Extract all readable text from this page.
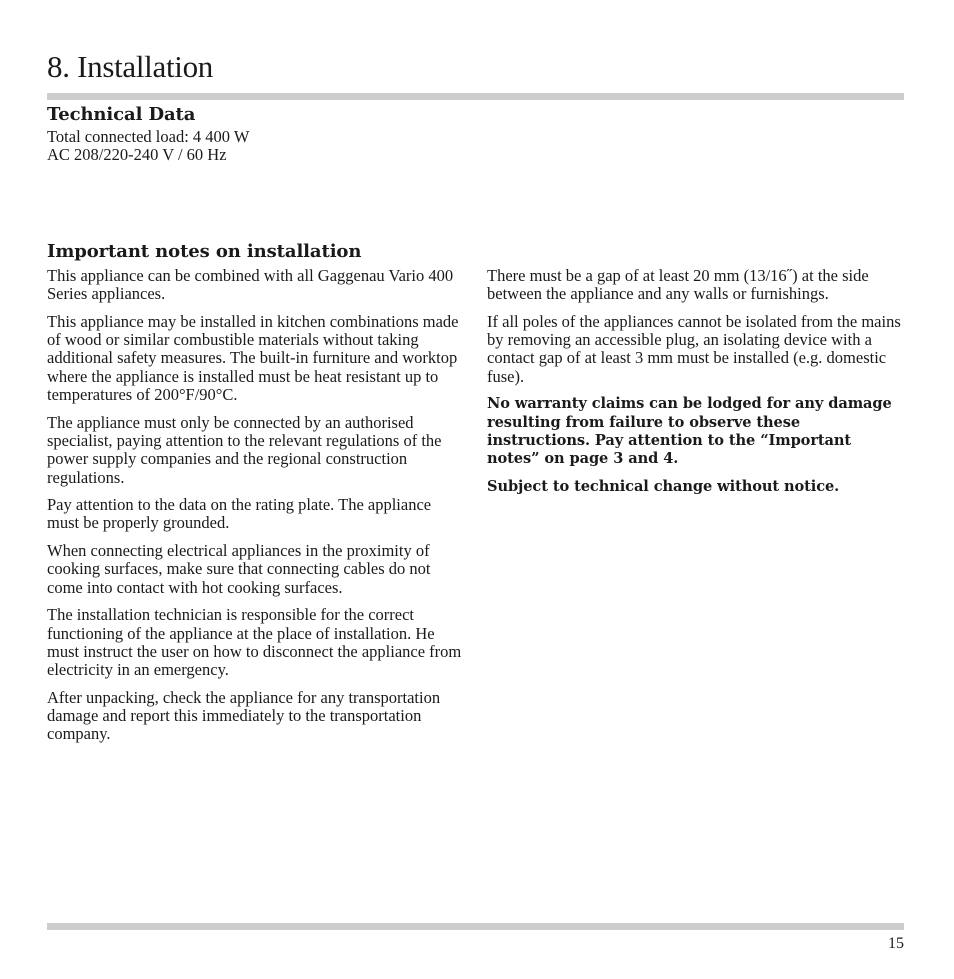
8. Installation
Technical Data
Total connected load: 4 400 W
AC 208/220-240 V / 60 Hz
Important notes on installation

This appliance can be combined with all Gaggenau Vario 400 Series appliances.

This appliance may be installed in kitchen combinations made of wood or similar combustible materials without taking additional safety measures. The built-in furniture and worktop where the appliance is installed must be heat resistant up to temperatures of 200°F/90°C.

The appliance must only be connected by an authorised specialist, paying attention to the relevant regulations of the power supply companies and the regional construction regulations.

Pay attention to the data on the rating plate. The appliance must be properly grounded.

When connecting electrical appliances in the proximity of cooking surfaces, make sure that connecting cables do not come into contact with hot cooking surfaces.

The installation technician is responsible for the correct functioning of the appliance at the place of installation. He must instruct the user on how to disconnect the appliance from electricity in an emergency.

After unpacking, check the appliance for any transportation damage and report this immediately to the transportation company.

There must be a gap of at least 20 mm (13/16˝) at the side between the appliance and any walls or furnishings.

If all poles of the appliances cannot be isolated from the mains by removing an accessible plug, an isolating device with a contact gap of at least 3 mm must be installed (e.g. domestic fuse).

No warranty claims can be lodged for any damage resulting from failure to observe these instructions. Pay attention to the “Important notes” on page 3 and 4.

Subject to technical change without notice.

15
